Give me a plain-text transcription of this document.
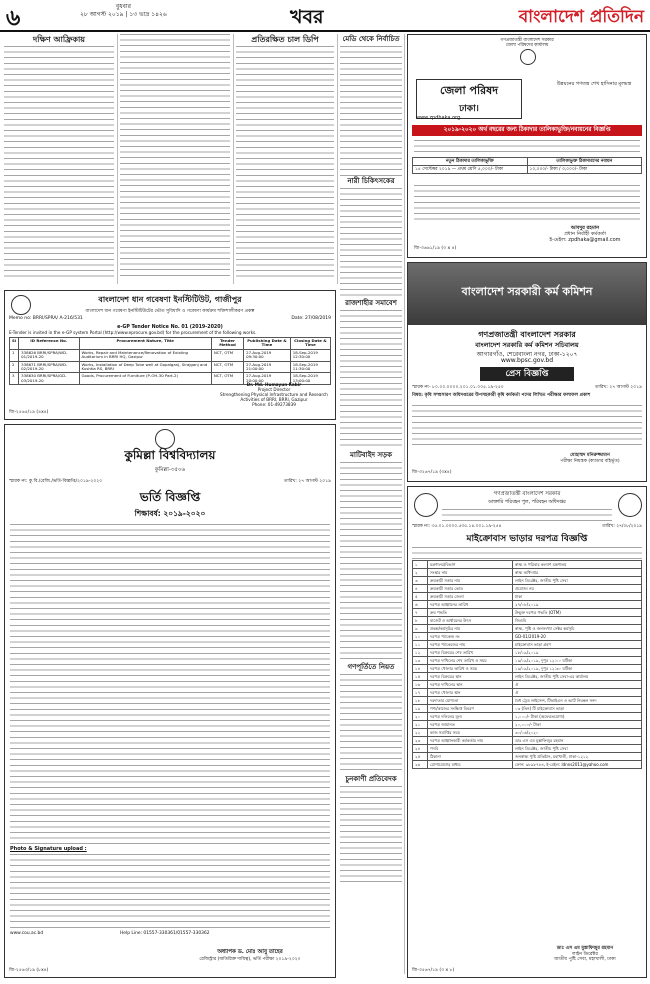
৬	বুধবার
২৮ আগস্ট ২০১৯ | ১৩ ভাদ্র ১৪২৬	খবর	বাংলাদেশ প্রতিদিন
দক্ষিণ আফ্রিকায়	প্রতিরক্ষিত চাল ডিপি	মেডি থেকে নির্বাচিত
নারী চিকিৎসকের
রাজশাহীর সমাবেশ
মাটিবাইদ সড়ক
গণপূর্তিতে নিয়ত
চুনকাণী প্রতিবেদক
গণপ্রজাতন্ত্রী বাংলাদেশ সরকার
জেলা পরিষদের কার্যালয়
জেলা পরিষদ
ঢাকা।
উন্নয়নের গণতন্ত্র শেখ হাসিনার মূলমন্ত্র
www.zpdhaka.org
২০১৯-২০২০ অর্থ বছরের জন্য ঠিকাদার তালিকাভুক্তি/নবায়নের বিজ্ঞপ্তি
নতুন ঠিকাদার তালিকাভুক্তি	তালিকাভুক্ত ঠিকাদারদের নবায়ন
১৫ সেপ্টেম্বর ২০১৯ — প্রথম শ্রেণি ৫,০০০/- টাকা	১০,০০০/- টাকা / ৩,০০০/- টাকা
আবদুর রহমান
প্রধান নির্বাহী কর্মকর্তা
ই-মেইল: zpdhaka@gmail.com
জি-৩৬৬১/১৯ (৩ x ৪)
বাংলাদেশ ধান গবেষণা ইনস্টিটিউট, গাজীপুর
বাংলাদেশ ধান গবেষণা ইনস্টিটিউটের ভৌত সুবিধাদি ও গবেষণা কার্যক্রম শক্তিশালীকরণ প্রকল্প
Memo no: BRRI/SPRA/ A-216/531	Date: 27/08/2019
e-GP Tender Notice No. 01 (2019-2020)
E-Tender is invited in the e-GP system Portal (http://www.eprocure.gov.bd) for the procurement of the following works.
Sl	ID Reference No.	Procurement Nature, Title	Tender Method	Publishing Date & Time	Closing Date & Time
1	338626 BRRI/SPRA/WD-01/2019-20	Works, Repair and Maintenance/Renovation of Existing Auditorium in BRRI HQ, Gazipur	NCT, OTM	27-Aug-2019 09:30:00	18-Sep-2019 12:30:00
2	338671 BRRI/SPRA/WD-02/2019-20	Works, Installation of Deep Tube well at Gopalganj, Sirajganj and Kushtia RS, BRRI	NCT, OTM	27-Aug-2019 21:00:00	18-Sep-2019 11:30:00
3	338630 BRRI/SPRA/GD-03/2019-20	Goods, Procurement of Furniture (P-OH-30 Part-2)	NCT, OTM	27-Aug-2019 20:00:00	18-Sep-2019 13:00:00
Dr. Md. Humayun Kabir
Project Director
Strengthening Physical Infrastructure and Research Activities of BRRI, BRRI, Gazipur
Phone: 01-49273839
জি-২৫৬৫/১৯ (৪x৪)
কুমিল্লা বিশ্ববিদ্যালয়
কুমিল্লা-৩৫০৬
স্মারক নং: কু.বি./রেজি./ভর্তি-বিজ্ঞপ্তি/২০১৯-২০২০	তারিখ: ২৭ আগস্ট ২০১৯
ভর্তি বিজ্ঞপ্তি
শিক্ষাবর্ষ: ২০১৯-২০২০
Photo & Signature upload :
www.cou.ac.bd	Help Line: 01557-330361/01557-330362
অধ্যাপক ড. মোঃ আবু তাহের
রেজিস্ট্রার (অতিরিক্ত দায়িত্ব), ভর্তি পরীক্ষা ২০১৯-২০২০
জি-২৫৬৩/১৯ (৮x৪)
বাংলাদেশ সরকারী কর্ম কমিশন
গণপ্রজাতন্ত্রী বাংলাদেশ সরকার
বাংলাদেশ সরকারি কর্ম কমিশন সচিবালয়
আগারগাঁও, শেরেবাংলা নগর, ঢাকা-১২০৭
www.bpsc.gov.bd
প্রেস বিজ্ঞপ্তি
স্মারক নং- ৮০.০০.০০০০.২০১.০১.০০৫.১৯-২৫০	তারিখ: ২৭ আগস্ট ২০১৯
বিষয়: কৃষি সম্প্রসারণ অধিদপ্তরের উপসহকারী কৃষি কর্মকর্তা পদের লিখিত পরীক্ষার ফলাফল প্রকাশ
মোহাম্মদ মনিরুজ্জামান
পরীক্ষা নিয়ন্ত্রক (ক্যাডার বহির্ভূত)
জি-৩২৬৭/১৯ (৩x৪)
গণপ্রজাতন্ত্রী বাংলাদেশ সরকার
ডাক্তারি পরিবহন পুল, পরিবহন অধিদপ্তর
স্মারক নং: ৩৫.০১.০০০০.৫৩৫.১৪.০০১.১৯-২৫৪	তারিখ: ২৭/০৮/২০১৯
মাইক্রোবাস ভাড়ার দরপত্র বিজ্ঞপ্তি
১	মন্ত্রণালয়/বিভাগ	স্বাস্থ্য ও পরিবার কল্যাণ মন্ত্রণালয়
২	সংস্থার নাম	স্বাস্থ্য অধিদপ্তর
৩	ক্রয়কারী সত্তার নাম	লাইন ডিরেক্টর, জাতীয় পুষ্টি সেবা
৪	ক্রয়কারী সত্তার কোড	প্রযোজ্য নয়
৫	ক্রয়কারী সত্তার জেলা	ঢাকা
৬	দরপত্র আহ্বানের তারিখ	২৭/০৮/২০১৯
৭	ক্রয় পদ্ধতি	উন্মুক্ত দরপত্র পদ্ধতি (OTM)
৮	বাজেট ও অর্থায়নের উৎস	জিওবি
৯	প্রকল্প/কর্মসূচির নাম	স্বাস্থ্য, পুষ্টি ও জনসংখ্যা সেক্টর কর্মসূচি
১০	দরপত্র প্যাকেজ নং	GD-01/2019-20
১১	দরপত্র প্যাকেজের নাম	মাইক্রোবাস ভাড়া গ্রহণ
১২	দরপত্র বিক্রয়ের শেষ তারিখ	১৮/০৯/২০১৯
১৩	দরপত্র দাখিলের শেষ তারিখ ও সময়	১৯/০৯/২০১৯, দুপুর ১২:০০ ঘটিকা
১৪	দরপত্র খোলার তারিখ ও সময়	১৯/০৯/২০১৯, দুপুর ১২:৩০ ঘটিকা
১৫	দরপত্র বিক্রয়ের স্থান	লাইন ডিরেক্টর, জাতীয় পুষ্টি সেবা-এর কার্যালয়
১৬	দরপত্র দাখিলের স্থান	ঐ
১৭	দরপত্র খোলার স্থান	ঐ
১৮	দরদাতার যোগ্যতা	বৈধ ট্রেড লাইসেন্স, টিআইএন ও ভ্যাট নিবন্ধন সনদ
১৯	পণ্য/কাজের সংক্ষিপ্ত বিবরণ	০৩ (তিন) টি মাইক্রোবাস ভাড়া
২০	দরপত্র দলিলের মূল্য	১,০০০/- টাকা (অফেরতযোগ্য)
২১	দরপত্র জামানত	২০,০০০/- টাকা
২২	কাজ সমাপ্তির সময়	৩০/০৬/২০২০
২৩	দরপত্র আহ্বানকারী কর্মকর্তার নাম	ডাঃ এস এম মুস্তাফিজুর রহমান
২৪	পদবি	লাইন ডিরেক্টর, জাতীয় পুষ্টি সেবা
২৫	ঠিকানা	জনস্বাস্থ্য পুষ্টি প্রতিষ্ঠান, মহাখালী, ঢাকা-১২১২
২৬	যোগাযোগের মাধ্যম	ফোন: ৯৮৯৮৭৮৪, ই-মেইল: ldnns2011@yahoo.com
ডাঃ এস এম মুস্তাফিজুর রহমান
লাইন ডিরেক্টর
জাতীয় পুষ্টি সেবা, মহাখালী, ঢাকা
জি-৩৫৬৭/১৯ (৩ x ৮)
